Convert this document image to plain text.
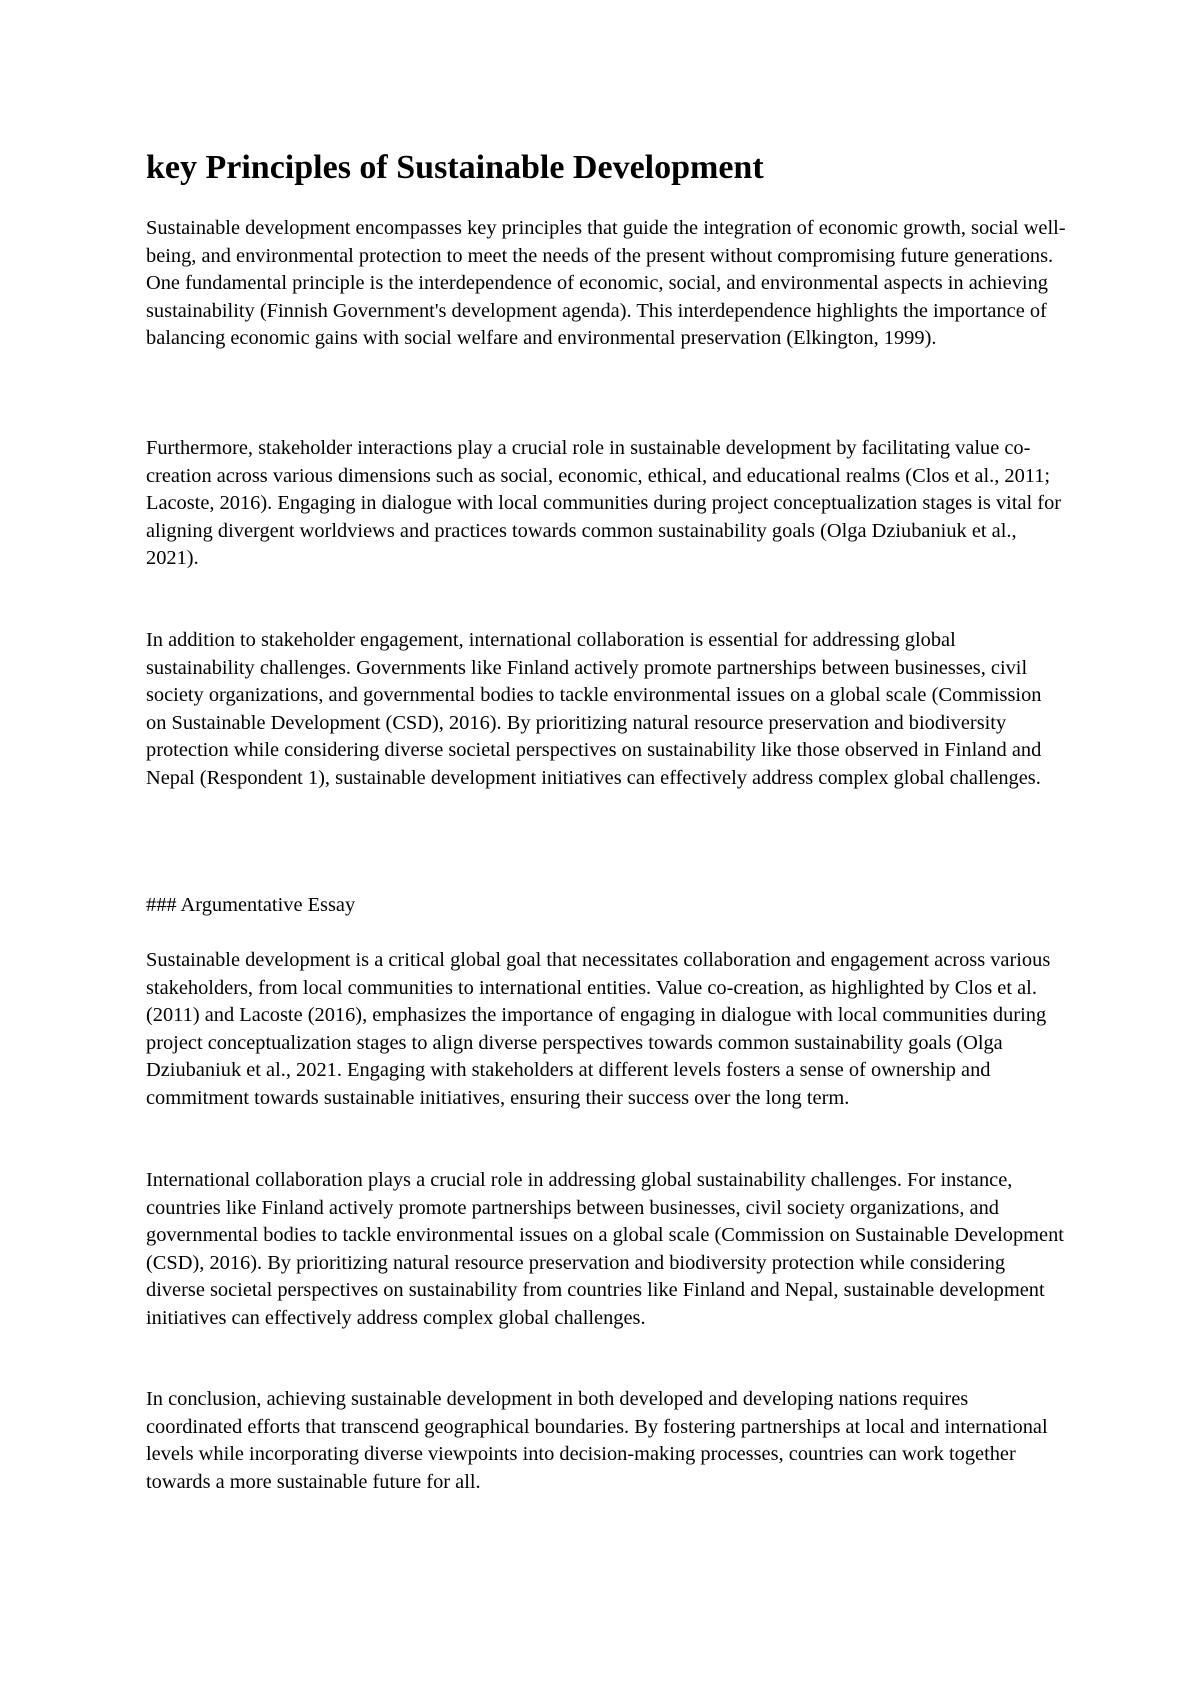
key Principles of Sustainable Development

Sustainable development encompasses key principles that guide the integration of economic growth, social well-being, and environmental protection to meet the needs of the present without compromising future generations. One fundamental principle is the interdependence of economic, social, and environmental aspects in achieving sustainability (Finnish Government's development agenda). This interdependence highlights the importance of balancing economic gains with social welfare and environmental preservation (Elkington, 1999).

Furthermore, stakeholder interactions play a crucial role in sustainable development by facilitating value co-creation across various dimensions such as social, economic, ethical, and educational realms (Clos et al., 2011; Lacoste, 2016). Engaging in dialogue with local communities during project conceptualization stages is vital for aligning divergent worldviews and practices towards common sustainability goals (Olga Dziubaniuk et al., 2021).

In addition to stakeholder engagement, international collaboration is essential for addressing global sustainability challenges. Governments like Finland actively promote partnerships between businesses, civil society organizations, and governmental bodies to tackle environmental issues on a global scale (Commission on Sustainable Development (CSD), 2016). By prioritizing natural resource preservation and biodiversity protection while considering diverse societal perspectives on sustainability like those observed in Finland and Nepal (Respondent 1), sustainable development initiatives can effectively address complex global challenges.

### Argumentative Essay

Sustainable development is a critical global goal that necessitates collaboration and engagement across various stakeholders, from local communities to international entities. Value co-creation, as highlighted by Clos et al. (2011) and Lacoste (2016), emphasizes the importance of engaging in dialogue with local communities during project conceptualization stages to align diverse perspectives towards common sustainability goals (Olga Dziubaniuk et al., 2021. Engaging with stakeholders at different levels fosters a sense of ownership and commitment towards sustainable initiatives, ensuring their success over the long term.

International collaboration plays a crucial role in addressing global sustainability challenges. For instance, countries like Finland actively promote partnerships between businesses, civil society organizations, and governmental bodies to tackle environmental issues on a global scale (Commission on Sustainable Development (CSD), 2016). By prioritizing natural resource preservation and biodiversity protection while considering diverse societal perspectives on sustainability from countries like Finland and Nepal, sustainable development initiatives can effectively address complex global challenges.

In conclusion, achieving sustainable development in both developed and developing nations requires coordinated efforts that transcend geographical boundaries. By fostering partnerships at local and international levels while incorporating diverse viewpoints into decision-making processes, countries can work together towards a more sustainable future for all.
